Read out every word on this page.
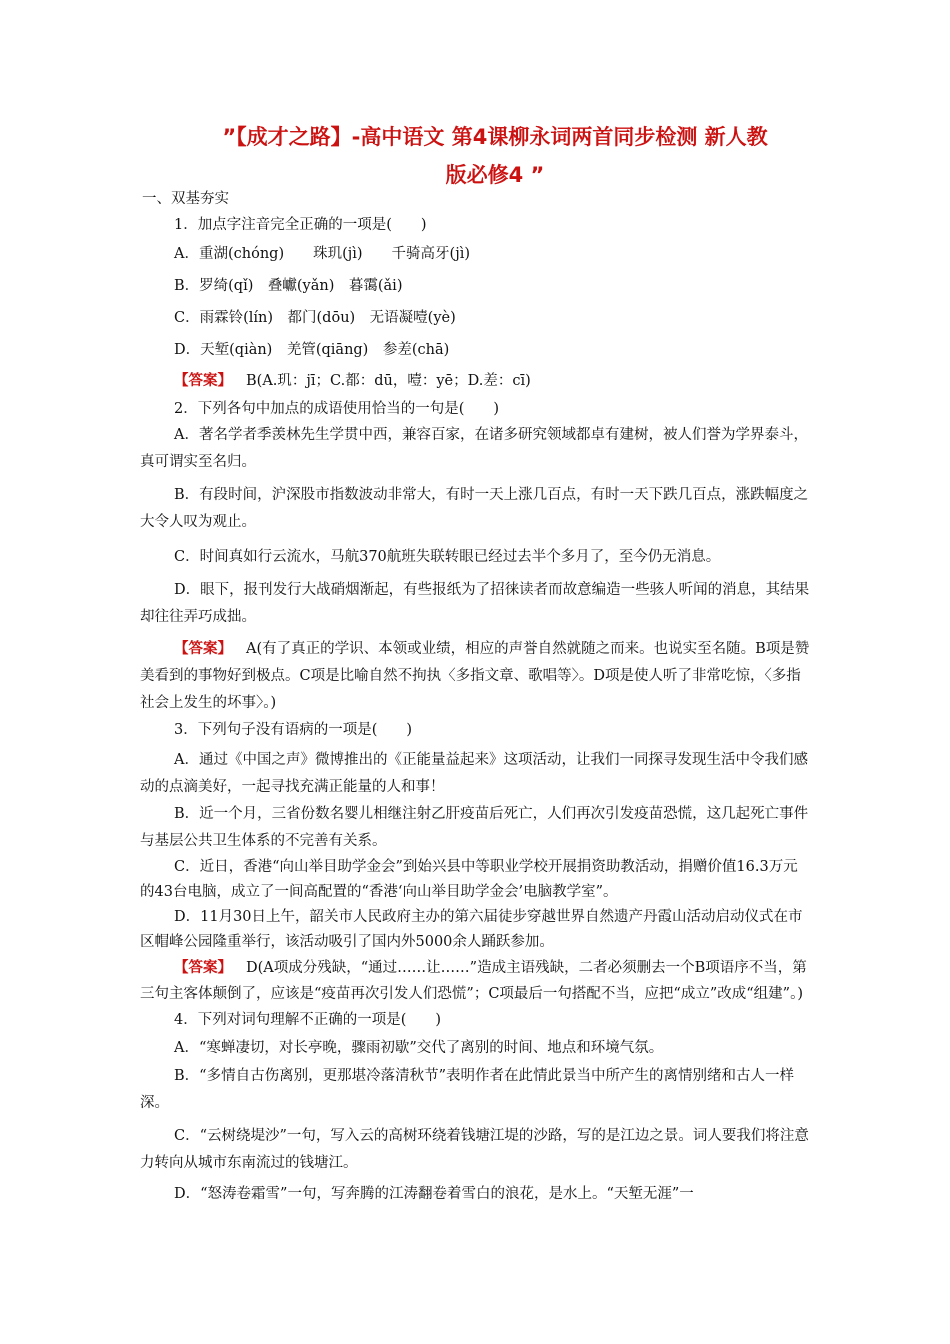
”【成才之路】-高中语文 第4课柳永词两首同步检测 新人教
版必修4 ”
一、双基夯实
1．加点字注音完全正确的一项是(　　)
A．重湖(chóng)　　珠玑(jì)　　千骑高牙(jì)
B．罗绮(qǐ)　叠巘(yǎn)　暮霭(ǎi)
C．雨霖铃(lín)　都门(dōu)　无语凝噎(yè)
D．天堑(qiàn)　羌管(qiāng)　参差(chā)
【答案】 B(A.玑：jī；C.都：dū，噎：yē；D.差：cī)
2．下列各句中加点的成语使用恰当的一句是(　　)
A．著名学者季羡林先生学贯中西，兼容百家，在诸多研究领域都卓有建树，被人们誉为学界泰斗，真可谓实至名归。
B．有段时间，沪深股市指数波动非常大，有时一天上涨几百点，有时一天下跌几百点，涨跌幅度之大令人叹为观止。
C．时间真如行云流水，马航370航班失联转眼已经过去半个多月了，至今仍无消息。
D．眼下，报刊发行大战硝烟渐起，有些报纸为了招徕读者而故意编造一些骇人听闻的消息，其结果却往往弄巧成拙。
【答案】 A(有了真正的学识、本领或业绩，相应的声誉自然就随之而来。也说实至名随。B项是赞美看到的事物好到极点。C项是比喻自然不拘执〈多指文章、歌唱等〉。D项是使人听了非常吃惊，〈多指社会上发生的坏事〉。)
3．下列句子没有语病的一项是(　　)
A．通过《中国之声》微博推出的《正能量益起来》这项活动，让我们一同探寻发现生活中令我们感动的点滴美好，一起寻找充满正能量的人和事！
B．近一个月，三省份数名婴儿相继注射乙肝疫苗后死亡，人们再次引发疫苗恐慌，这几起死亡事件与基层公共卫生体系的不完善有关系。
C．近日，香港“向山举目助学金会”到始兴县中等职业学校开展捐资助教活动，捐赠价值16.3万元的43台电脑，成立了一间高配置的“香港‘向山举目助学金会’电脑教学室”。
D．11月30日上午，韶关市人民政府主办的第六届徒步穿越世界自然遗产丹霞山活动启动仪式在市区帽峰公园隆重举行，该活动吸引了国内外5000余人踊跃参加。
【答案】 D(A项成分残缺，“通过……让……”造成主语残缺，二者必须删去一个B项语序不当，第三句主客体颠倒了，应该是“疫苗再次引发人们恐慌”；C项最后一句搭配不当，应把“成立”改成“组建”。)
4．下列对词句理解不正确的一项是(　　)
A．“寒蝉凄切，对长亭晚，骤雨初歇”交代了离别的时间、地点和环境气氛。
B．“多情自古伤离别，更那堪冷落清秋节”表明作者在此情此景当中所产生的离情别绪和古人一样深。
C．“云树绕堤沙”一句，写入云的高树环绕着钱塘江堤的沙路，写的是江边之景。词人要我们将注意力转向从城市东南流过的钱塘江。
D．“怒涛卷霜雪”一句，写奔腾的江涛翻卷着雪白的浪花，是水上。“天堑无涯”一
